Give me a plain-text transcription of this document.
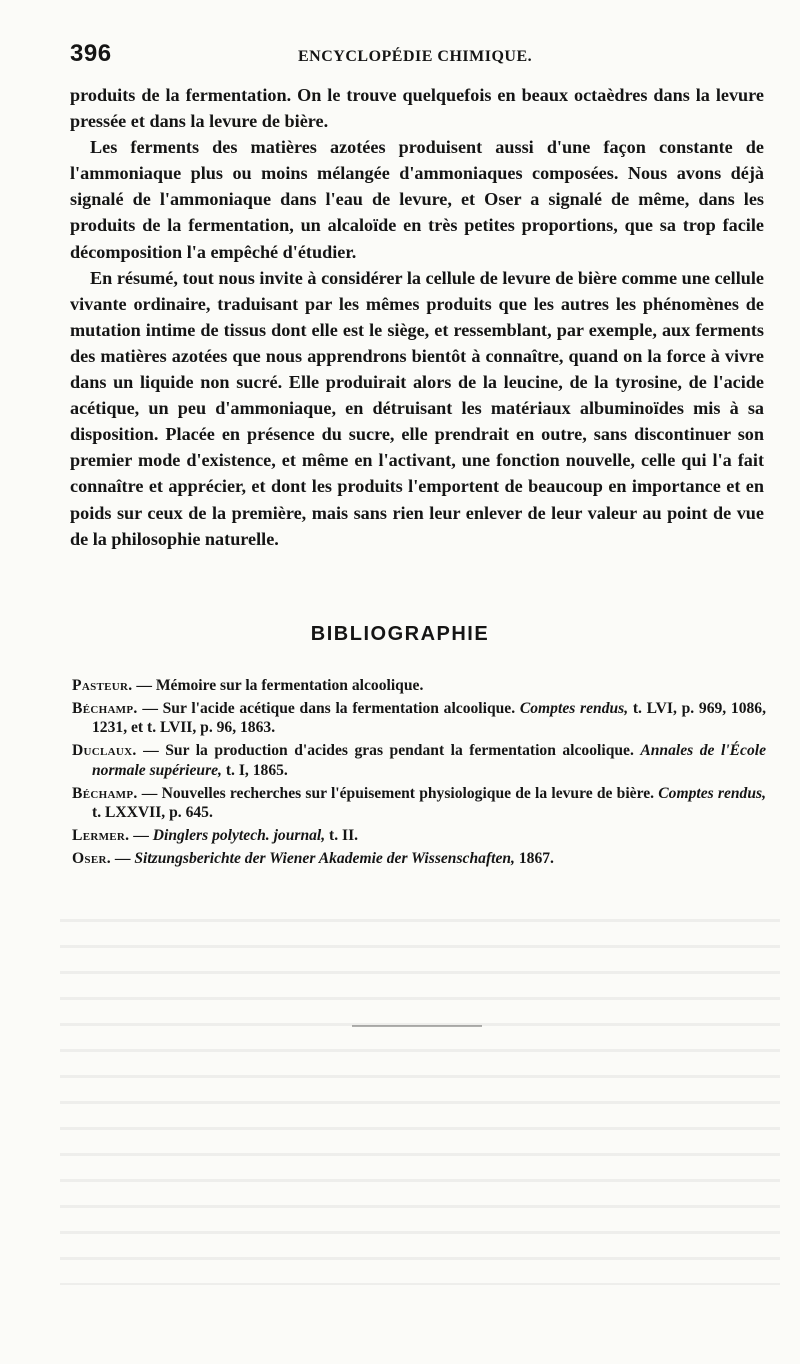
396	ENCYCLOPÉDIE CHIMIQUE.

produits de la fermentation. On le trouve quelquefois en beaux octaèdres dans la levure pressée et dans la levure de bière.

Les ferments des matières azotées produisent aussi d'une façon constante de l'ammoniaque plus ou moins mélangée d'ammoniaques composées. Nous avons déjà signalé de l'ammoniaque dans l'eau de levure, et Oser a signalé de même, dans les produits de la fermentation, un alcaloïde en très petites proportions, que sa trop facile décomposition l'a empêché d'étudier.

En résumé, tout nous invite à considérer la cellule de levure de bière comme une cellule vivante ordinaire, traduisant par les mêmes produits que les autres les phénomènes de mutation intime de tissus dont elle est le siège, et ressemblant, par exemple, aux ferments des matières azotées que nous apprendrons bientôt à connaître, quand on la force à vivre dans un liquide non sucré. Elle produirait alors de la leucine, de la tyrosine, de l'acide acétique, un peu d'ammoniaque, en détruisant les matériaux albuminoïdes mis à sa disposition. Placée en présence du sucre, elle prendrait en outre, sans discontinuer son premier mode d'existence, et même en l'activant, une fonction nouvelle, celle qui l'a fait connaître et apprécier, et dont les produits l'emportent de beaucoup en importance et en poids sur ceux de la première, mais sans rien leur enlever de leur valeur au point de vue de la philosophie naturelle.

BIBLIOGRAPHIE

Pasteur. — Mémoire sur la fermentation alcoolique.

Béchamp. — Sur l'acide acétique dans la fermentation alcoolique. Comptes rendus, t. LVI, p. 969, 1086, 1231, et t. LVII, p. 96, 1863.

Duclaux. — Sur la production d'acides gras pendant la fermentation alcoolique. Annales de l'École normale supérieure, t. I, 1865.

Béchamp. — Nouvelles recherches sur l'épuisement physiologique de la levure de bière. Comptes rendus, t. LXXVII, p. 645.

Lermer. — Dinglers polytech. journal, t. II.

Oser. — Sitzungsberichte der Wiener Akademie der Wissenschaften, 1867.
